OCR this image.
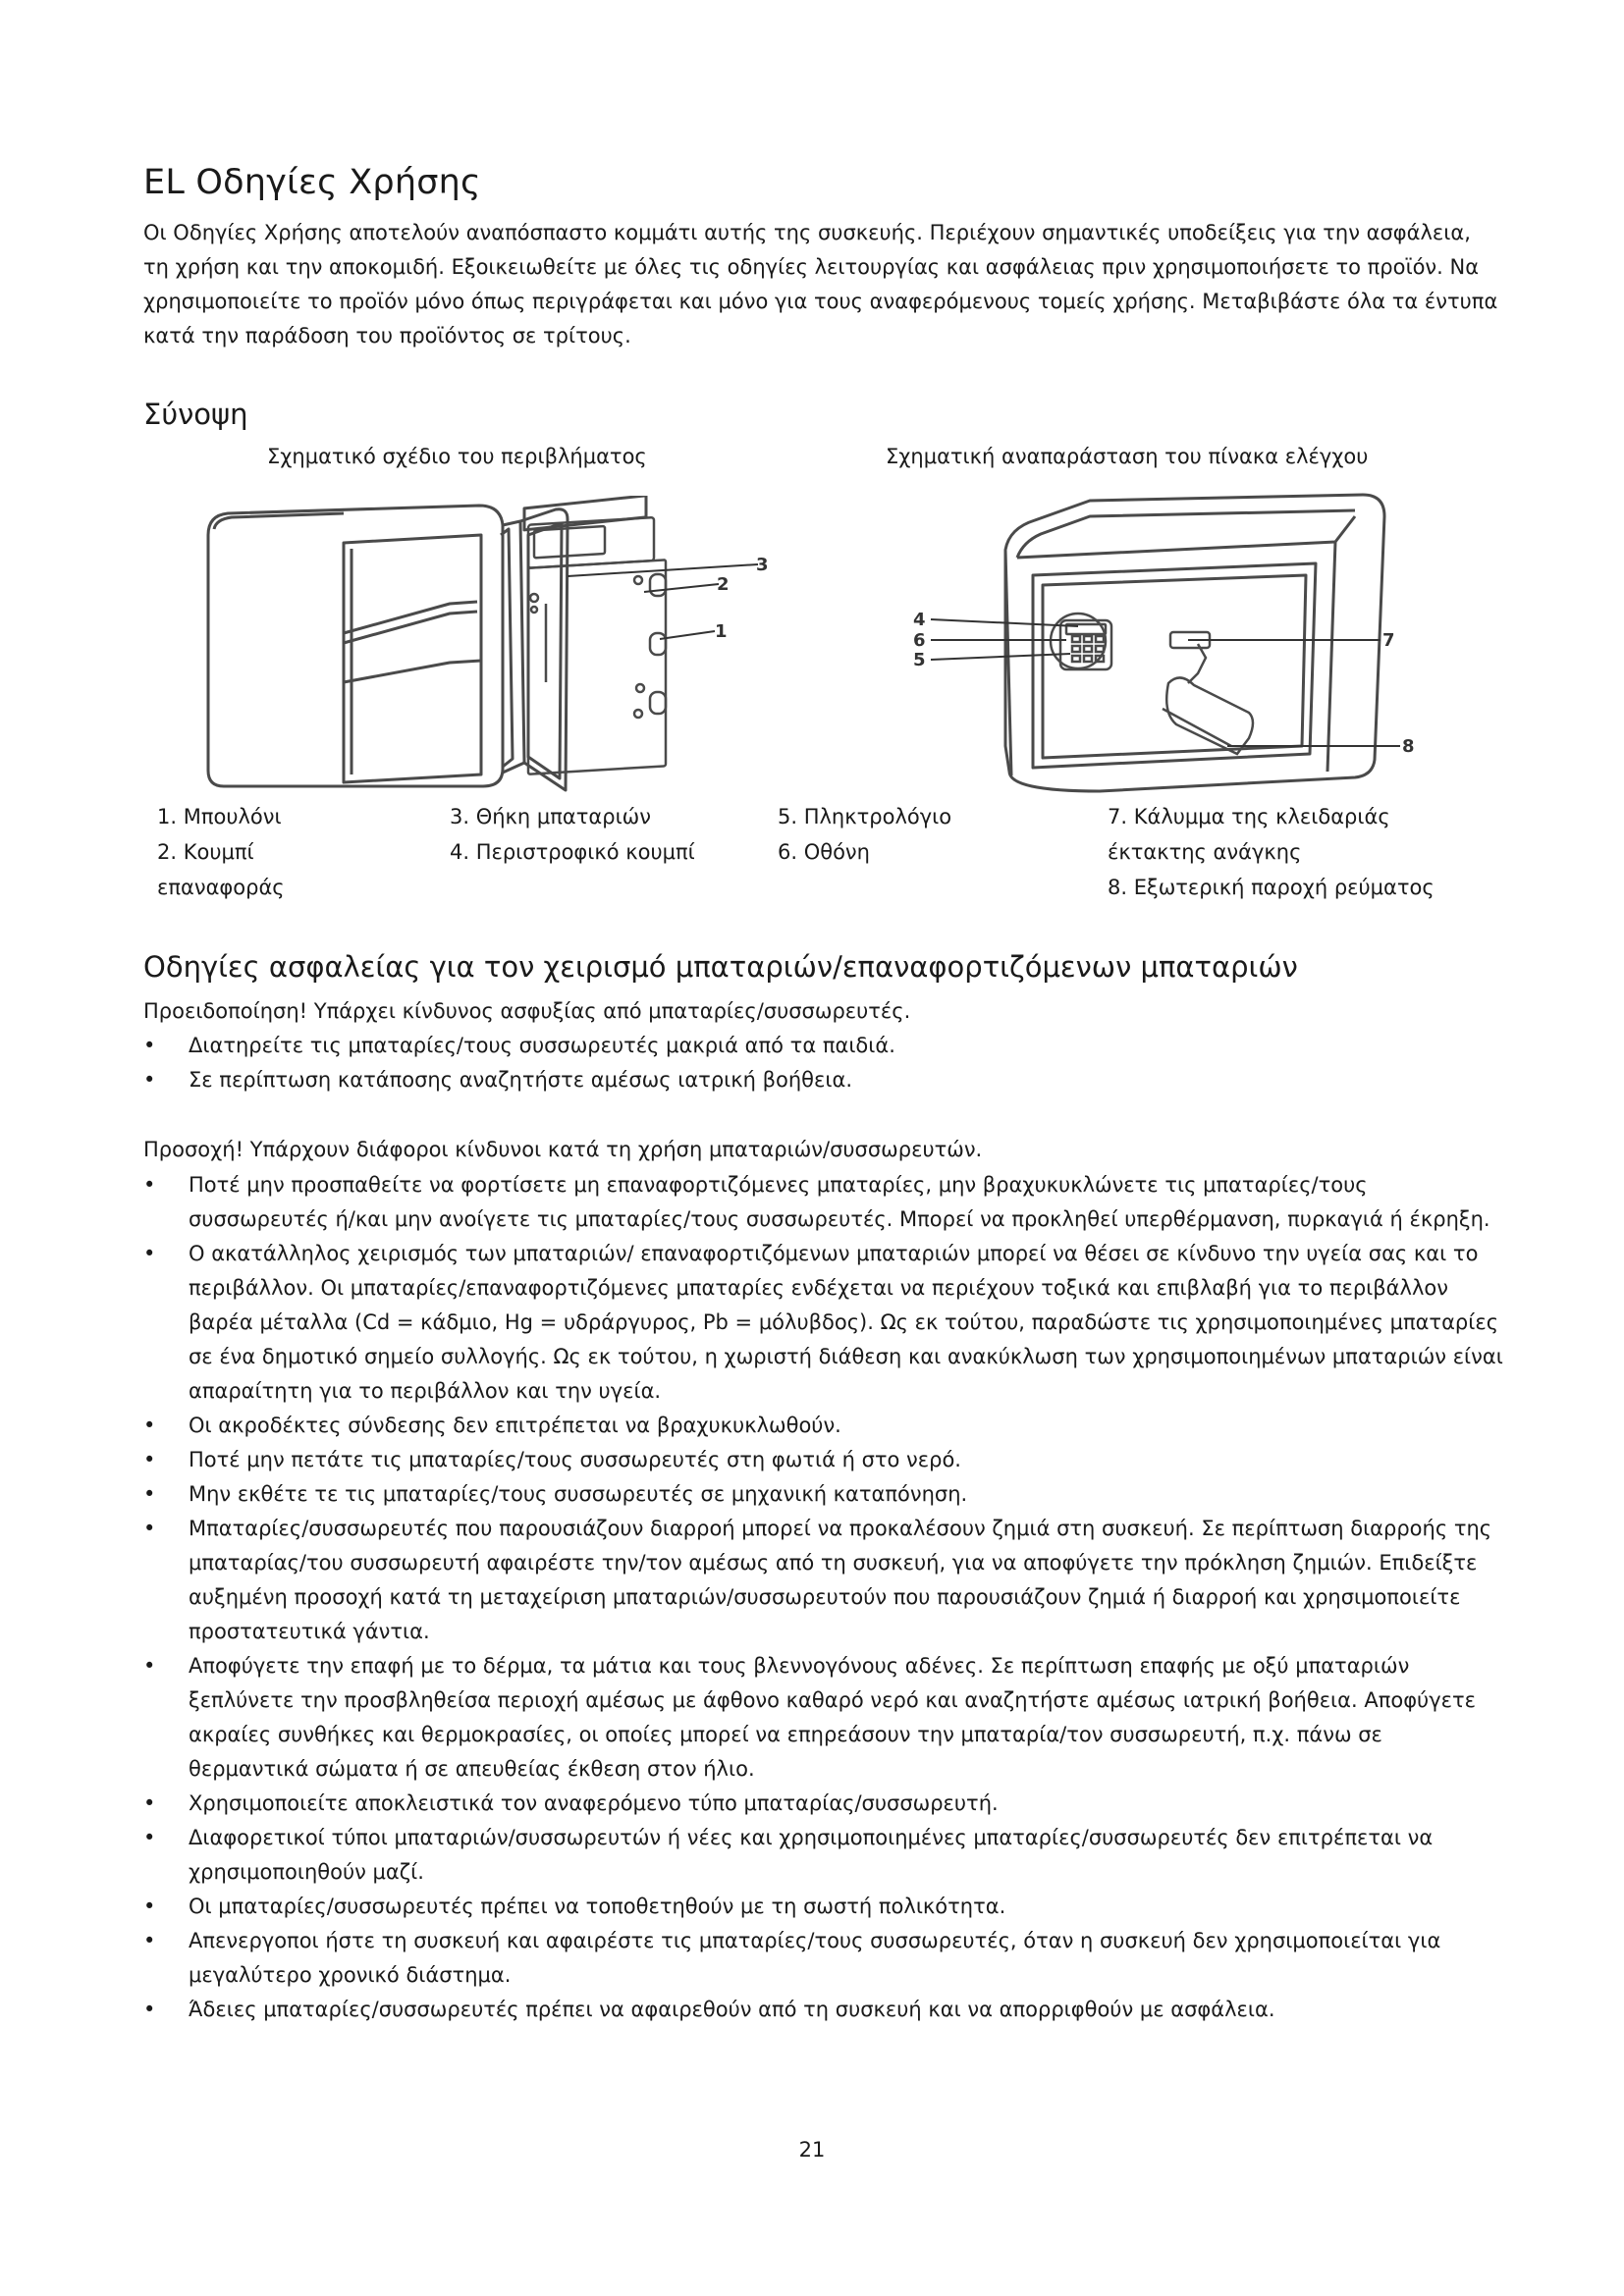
EL Οδηγίες Χρήσης

Οι Οδηγίες Χρήσης αποτελούν αναπόσπαστο κομμάτι αυτής της συσκευής. Περιέχουν σημαντικές υποδείξεις για την ασφάλεια, τη χρήση και την αποκομιδή. Εξοικειωθείτε με όλες τις οδηγίες λειτουργίας και ασφάλειας πριν χρησιμοποιήσετε το προϊόν. Να χρησιμοποιείτε το προϊόν μόνο όπως περιγράφεται και μόνο για τους αναφερόμενους τομείς χρήσης. Μεταβιβάστε όλα τα έντυπα κατά την παράδοση του προϊόντος σε τρίτους.

Σύνοψη

Σχηματικό σχέδιο του περιβλήματος	Σχηματική αναπαράσταση του πίνακα ελέγχου

3
2
1
4
6
5
7
8
1. Μπουλόνι
2. Κουμπί
επαναφοράς
3. Θήκη μπαταριών
4. Περιστροφικό κουμπί
5. Πληκτρολόγιο
6. Οθόνη
7. Κάλυμμα της κλειδαριάς
έκτακτης ανάγκης
8. Εξωτερική παροχή ρεύματος
Οδηγίες ασφαλείας για τον χειρισμό μπαταριών/επαναφορτιζόμενων μπαταριών

Προειδοποίηση! Υπάρχει κίνδυνος ασφυξίας από μπαταρίες/συσσωρευτές.

• Διατηρείτε τις μπαταρίες/τους συσσωρευτές μακριά από τα παιδιά.
• Σε περίπτωση κατάποσης αναζητήστε αμέσως ιατρική βοήθεια.

Προσοχή! Υπάρχουν διάφοροι κίνδυνοι κατά τη χρήση μπαταριών/συσσωρευτών.

• Ποτέ μην προσπαθείτε να φορτίσετε μη επαναφορτιζόμενες μπαταρίες, μην βραχυκυκλώνετε τις μπαταρίες/τους συσσωρευτές ή/και μην ανοίγετε τις μπαταρίες/τους συσσωρευτές. Μπορεί να προκληθεί υπερθέρμανση, πυρκαγιά ή έκρηξη.
• Ο ακατάλληλος χειρισμός των μπαταριών/ επαναφορτιζόμενων μπαταριών μπορεί να θέσει σε κίνδυνο την υγεία σας και το περιβάλλον. Οι μπαταρίες/επαναφορτιζόμενες μπαταρίες ενδέχεται να περιέχουν τοξικά και επιβλαβή για το περιβάλλον βαρέα μέταλλα (Cd = κάδμιο, Hg = υδράργυρος, Pb = μόλυβδος). Ως εκ τούτου, παραδώστε τις χρησιμοποιημένες μπαταρίες σε ένα δημοτικό σημείο συλλογής. Ως εκ τούτου, η χωριστή διάθεση και ανακύκλωση των χρησιμοποιημένων μπαταριών είναι απαραίτητη για το περιβάλλον και την υγεία.
• Οι ακροδέκτες σύνδεσης δεν επιτρέπεται να βραχυκυκλωθούν.
• Ποτέ μην πετάτε τις μπαταρίες/τους συσσωρευτές στη φωτιά ή στο νερό.
• Μην εκθέτε τε τις μπαταρίες/τους συσσωρευτές σε μηχανική καταπόνηση.
• Μπαταρίες/συσσωρευτές που παρουσιάζουν διαρροή μπορεί να προκαλέσουν ζημιά στη συσκευή. Σε περίπτωση διαρροής της μπαταρίας/του συσσωρευτή αφαιρέστε την/τον αμέσως από τη συσκευή, για να αποφύγετε την πρόκληση ζημιών. Επιδείξτε αυξημένη προσοχή κατά τη μεταχείριση μπαταριών/συσσωρευτούν που παρουσιάζουν ζημιά ή διαρροή και χρησιμοποιείτε προστατευτικά γάντια.
• Αποφύγετε την επαφή με το δέρμα, τα μάτια και τους βλεννογόνους αδένες. Σε περίπτωση επαφής με οξύ μπαταριών ξεπλύνετε την προσβληθείσα περιοχή αμέσως με άφθονο καθαρό νερό και αναζητήστε αμέσως ιατρική βοήθεια. Αποφύγετε ακραίες συνθήκες και θερμοκρασίες, οι οποίες μπορεί να επηρεάσουν την μπαταρία/τον συσσωρευτή, π.χ. πάνω σε θερμαντικά σώματα ή σε απευθείας έκθεση στον ήλιο.
• Χρησιμοποιείτε αποκλειστικά τον αναφερόμενο τύπο μπαταρίας/συσσωρευτή.
• Διαφορετικοί τύποι μπαταριών/συσσωρευτών ή νέες και χρησιμοποιημένες μπαταρίες/συσσωρευτές δεν επιτρέπεται να χρησιμοποιηθούν μαζί.
• Οι μπαταρίες/συσσωρευτές πρέπει να τοποθετηθούν με τη σωστή πολικότητα.
• Απενεργοποι ήστε τη συσκευή και αφαιρέστε τις μπαταρίες/τους συσσωρευτές, όταν η συσκευή δεν χρησιμοποιείται για μεγαλύτερο χρονικό διάστημα.
• Άδειες μπαταρίες/συσσωρευτές πρέπει να αφαιρεθούν από τη συσκευή και να απορριφθούν με ασφάλεια.
21
